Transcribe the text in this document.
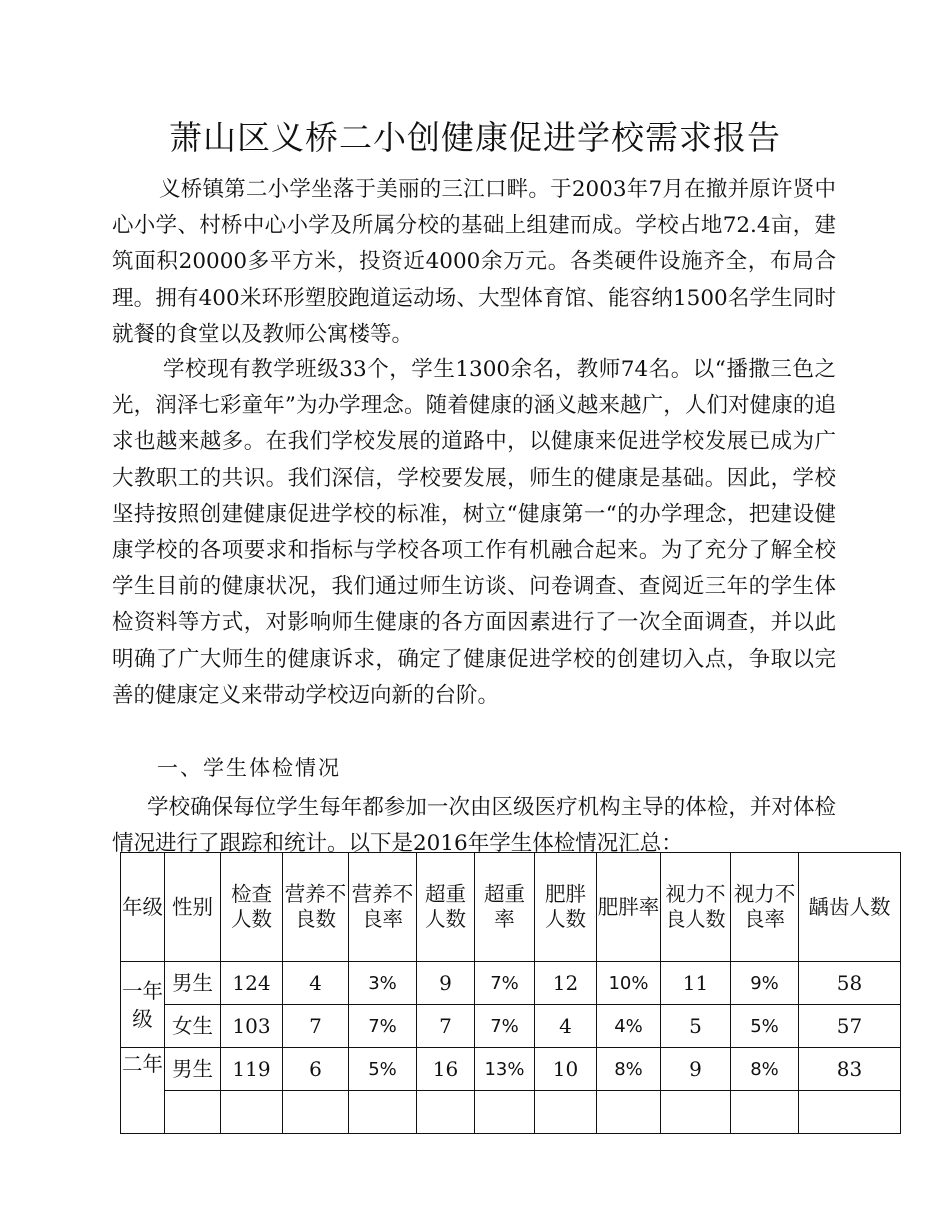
萧山区义桥二小创健康促进学校需求报告

义桥镇第二小学坐落于美丽的三江口畔。于2003年7月在撤并原许贤中心小学、村桥中心小学及所属分校的基础上组建而成。学校占地72.4亩，建筑面积20000多平方米，投资近4000余万元。各类硬件设施齐全，布局合理。拥有400米环形塑胶跑道运动场、大型体育馆、能容纳1500名学生同时就餐的食堂以及教师公寓楼等。

学校现有教学班级33个，学生1300余名，教师74名。以“播撒三色之光，润泽七彩童年”为办学理念。随着健康的涵义越来越广，人们对健康的追求也越来越多。在我们学校发展的道路中，以健康来促进学校发展已成为广大教职工的共识。我们深信，学校要发展，师生的健康是基础。因此，学校坚持按照创建健康促进学校的标准，树立“健康第一“的办学理念，把建设健康学校的各项要求和指标与学校各项工作有机融合起来。为了充分了解全校学生目前的健康状况，我们通过师生访谈、问卷调查、查阅近三年的学生体检资料等方式，对影响师生健康的各方面因素进行了一次全面调查，并以此明确了广大师生的健康诉求，确定了健康促进学校的创建切入点，争取以完善的健康定义来带动学校迈向新的台阶。

一、学生体检情况

学校确保每位学生每年都参加一次由区级医疗机构主导的体检，并对体检情况进行了跟踪和统计。以下是2016年学生体检情况汇总：

年级	性别	检查人数	营养不良数	营养不良率	超重人数	超重率	肥胖人数	肥胖率	视力不良人数	视力不良率	龋齿人数
一年级	男生	124	4	3%	9	7%	12	10%	11	9%	58
	女生	103	7	7%	7	7%	4	4%	5	5%	57
二年	男生	119	6	5%	16	13%	10	8%	9	8%	83
